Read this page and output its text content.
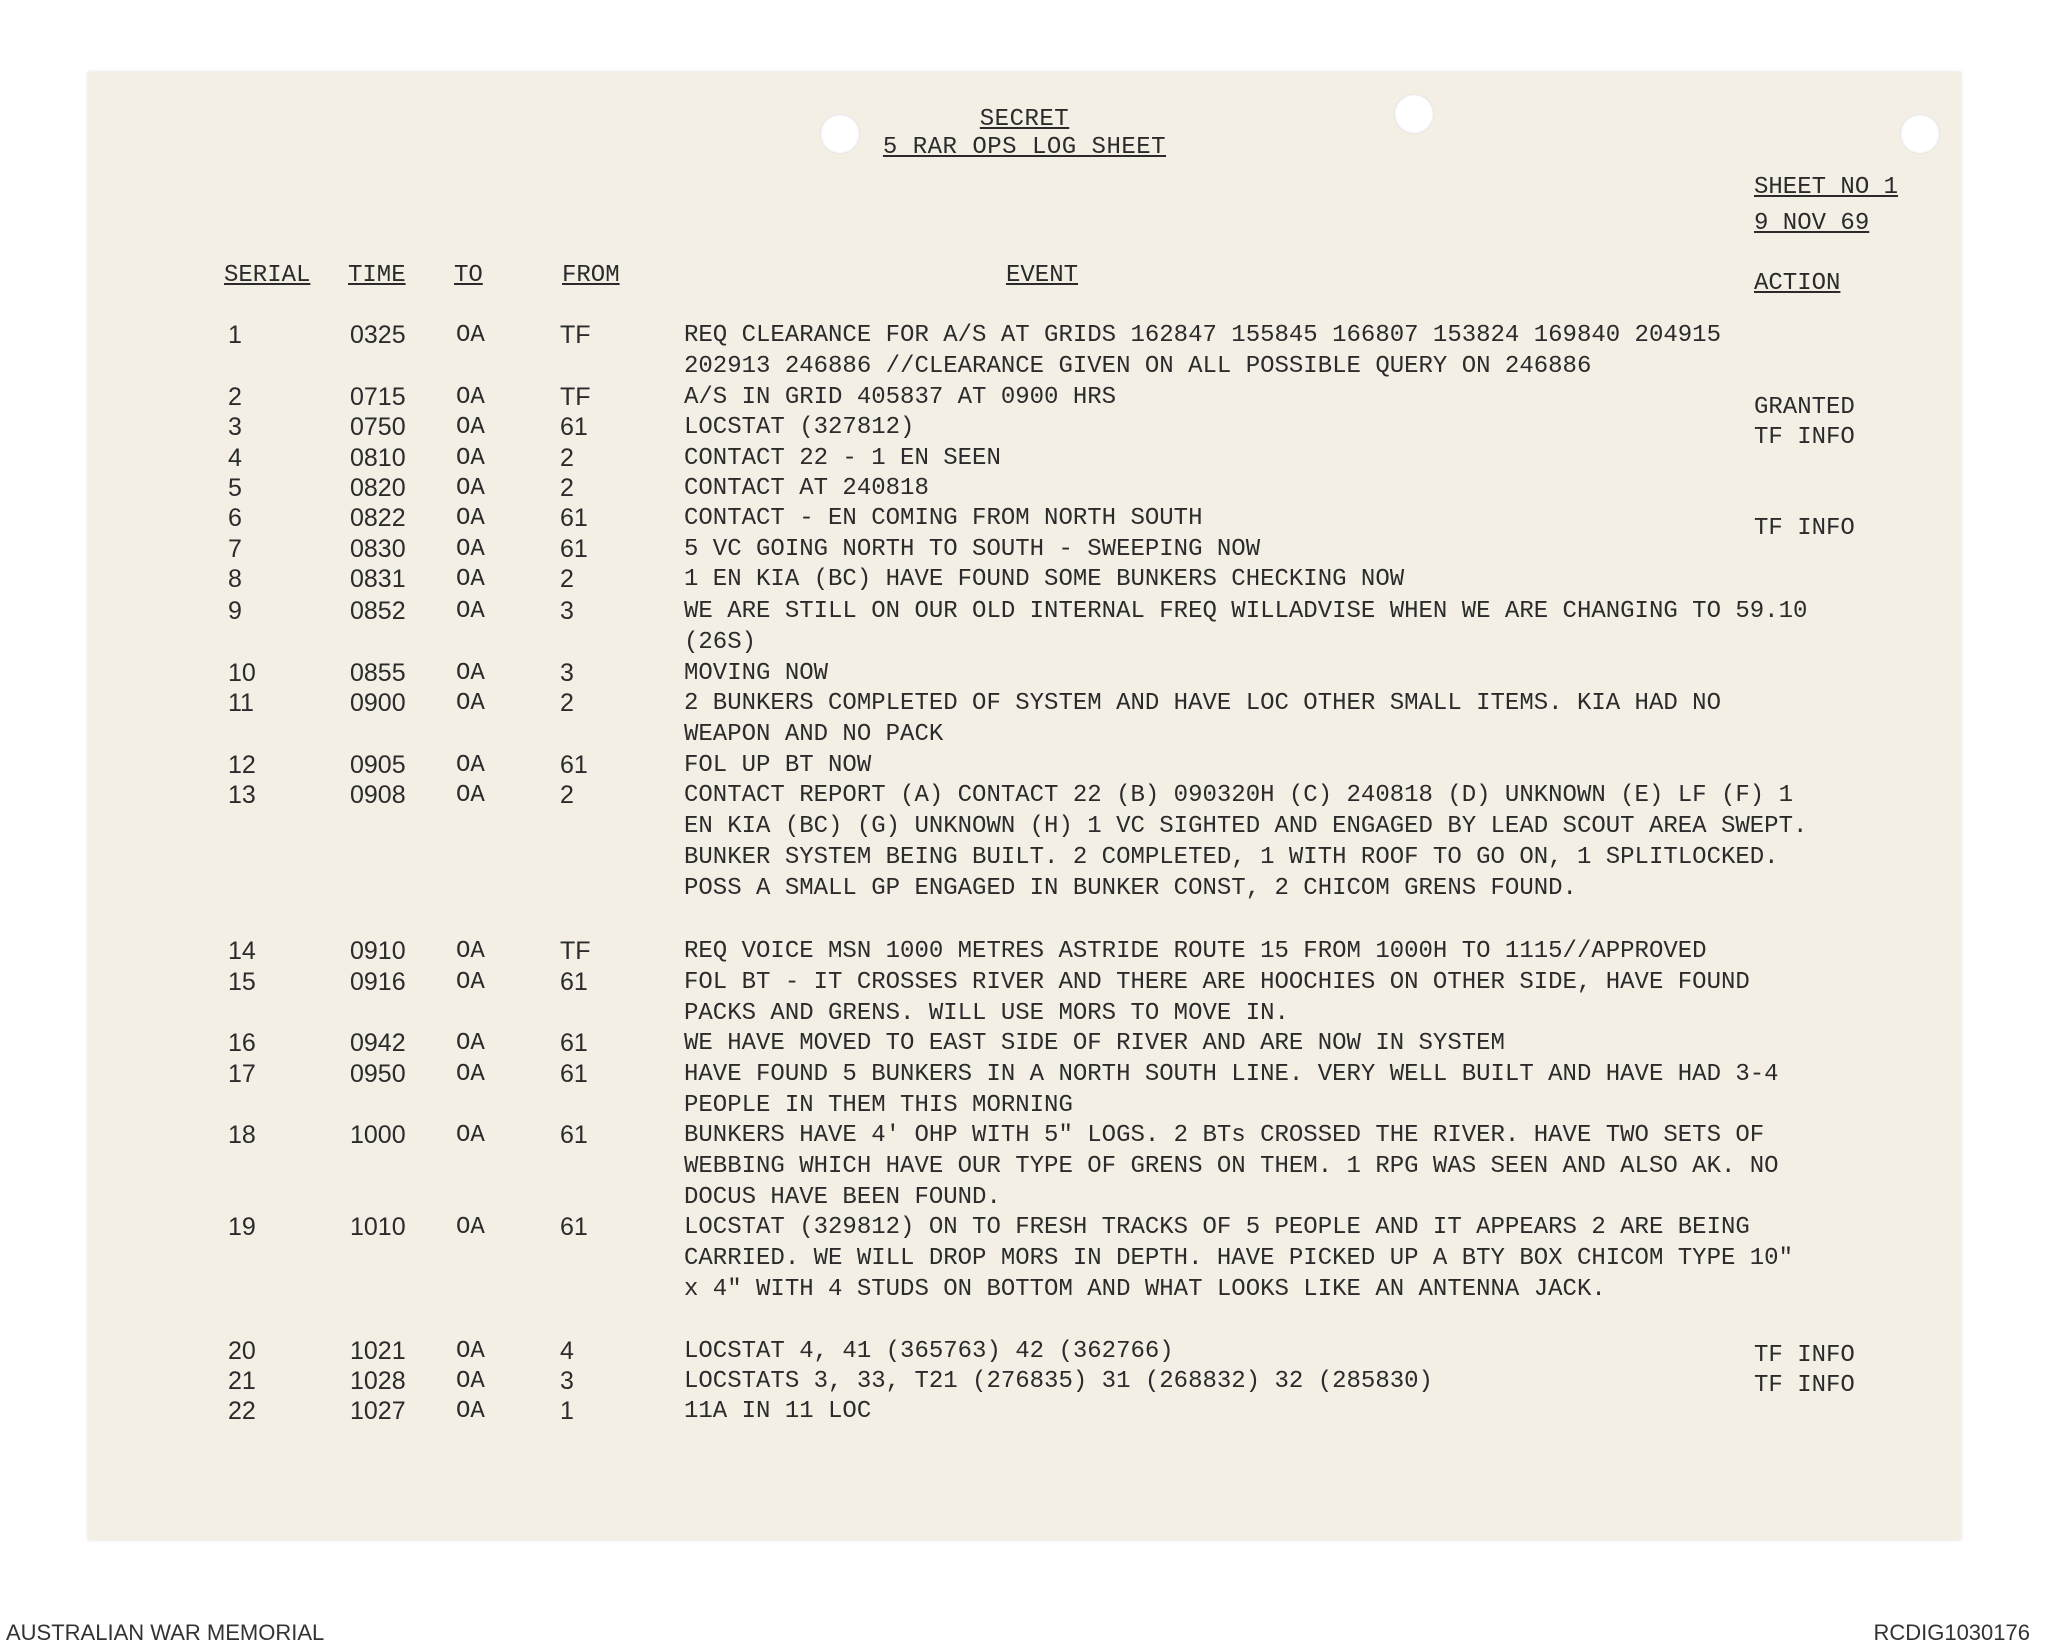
SECRET
5 RAR OPS LOG SHEET
SHEET NO 1
9 NOV 69
SERIAL TIME TO	FROM	EVENT	ACTION
1	0325 OA	TF	REQ CLEARANCE FOR A/S AT GRIDS 162847 155845 166807 153824 169840 204915 202913 246886 //CLEARANCE GIVEN ON ALL POSSIBLE QUERY ON 246886
2	0715 OA	TF	A/S IN GRID 405837 AT 0900 HRS	GRANTED
3	0750 OA	61	LOCSTAT (327812)	TF INFO
4	0810 OA	2	CONTACT 22 - 1 EN SEEN
5	0820 OA	2	CONTACT AT 240818
6	0822 OA	61	CONTACT - EN COMING FROM NORTH SOUTH	TF INFO
7	0830 OA	61	5 VC GOING NORTH TO SOUTH - SWEEPING NOW
8	0831 OA	2	1 EN KIA (BC) HAVE FOUND SOME BUNKERS CHECKING NOW
9	0852 OA	3	WE ARE STILL ON OUR OLD INTERNAL FREQ WILLADVISE WHEN WE ARE CHANGING TO 59.10 (26S)
10	0855 OA	3	MOVING NOW
11	0900 OA	2	2 BUNKERS COMPLETED OF SYSTEM AND HAVE LOC OTHER SMALL ITEMS. KIA HAD NO WEAPON AND NO PACK
12	0905 OA	61	FOL UP BT NOW
13	0908 OA	2	CONTACT REPORT (A) CONTACT 22 (B) 090320H (C) 240818 (D) UNKNOWN (E) LF (F) 1 EN KIA (BC) (G) UNKNOWN (H) 1 VC SIGHTED AND ENGAGED BY LEAD SCOUT AREA SWEPT. BUNKER SYSTEM BEING BUILT. 2 COMPLETED, 1 WITH ROOF TO GO ON, 1 SPLITLOCKED. POSS A SMALL GP ENGAGED IN BUNKER CONST, 2 CHICOM GRENS FOUND.
14	0910 OA	TF	REQ VOICE MSN 1000 METRES ASTRIDE ROUTE 15 FROM 1000H TO 1115//APPROVED
15	0916 OA	61	FOL BT - IT CROSSES RIVER AND THERE ARE HOOCHIES ON OTHER SIDE, HAVE FOUND PACKS AND GRENS. WILL USE MORS TO MOVE IN.
16	0942 OA	61	WE HAVE MOVED TO EAST SIDE OF RIVER AND ARE NOW IN SYSTEM
17	0950 OA	61	HAVE FOUND 5 BUNKERS IN A NORTH SOUTH LINE. VERY WELL BUILT AND HAVE HAD 3-4 PEOPLE IN THEM THIS MORNING
18	1000 OA	61	BUNKERS HAVE 4' OHP WITH 5" LOGS. 2 BTs CROSSED THE RIVER. HAVE TWO SETS OF WEBBING WHICH HAVE OUR TYPE OF GRENS ON THEM. 1 RPG WAS SEEN AND ALSO AK. NO DOCUS HAVE BEEN FOUND.
19	1010 OA	61	LOCSTAT (329812) ON TO FRESH TRACKS OF 5 PEOPLE AND IT APPEARS 2 ARE BEING CARRIED. WE WILL DROP MORS IN DEPTH. HAVE PICKED UP A BTY BOX CHICOM TYPE 10" x 4" WITH 4 STUDS ON BOTTOM AND WHAT LOOKS LIKE AN ANTENNA JACK.
20	1021 OA	4	LOCSTAT 4, 41 (365763) 42 (362766)	TF INFO
21	1028 OA	3	LOCSTATS 3, 33, T21 (276835) 31 (268832) 32 (285830)	TF INFO
22	1027 OA	1	11A IN 11 LOC
AUSTRALIAN WAR MEMORIAL	RCDIG1030176
